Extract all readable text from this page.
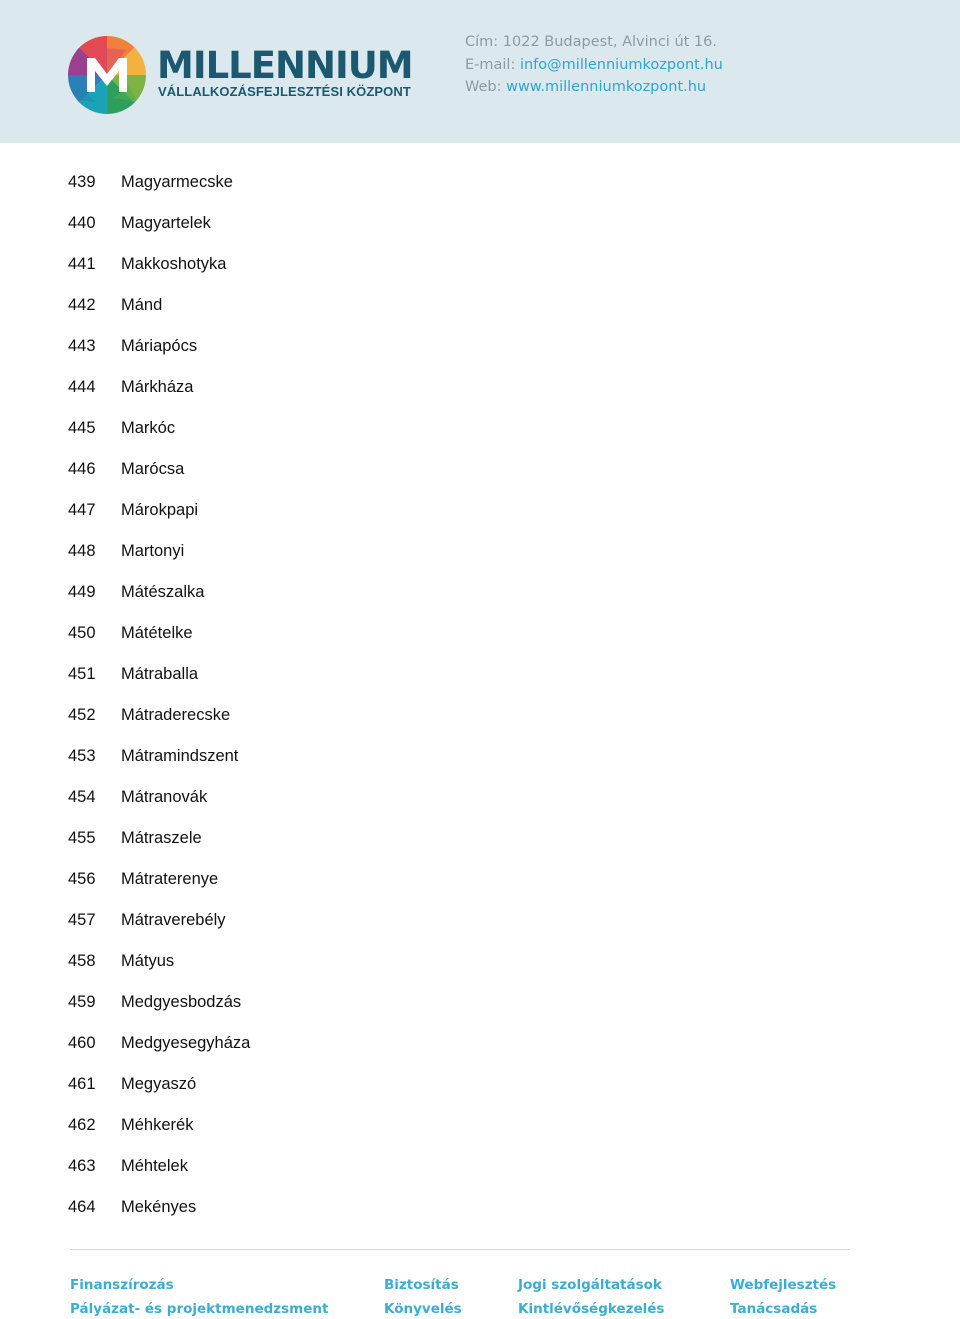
MILLENNIUM
VÁLLALKOZÁSFEJLESZTÉSI KÖZPONT
Cím: 1022 Budapest, Alvinci út 16.
E-mail: info@millenniumkozpont.hu
Web: www.millenniumkozpont.hu
439 Magyarmecske
440 Magyartelek
441 Makkoshotyka
442 Mánd
443 Máriapócs
444 Márkháza
445 Markóc
446 Marócsa
447 Márokpapi
448 Martonyi
449 Mátészalka
450 Mátételke
451 Mátraballa
452 Mátraderecske
453 Mátramindszent
454 Mátranovák
455 Mátraszele
456 Mátraterenye
457 Mátraverebély
458 Mátyus
459 Medgyesbodzás
460 Medgyesegyháza
461 Megyaszó
462 Méhkerék
463 Méhtelek
464 Mekényes
Finanszírozás
Pályázat- és projektmenedzsment
Biztosítás
Könyvelés
Jogi szolgáltatások
Kintlévőségkezelés
Webfejlesztés
Tanácsadás
